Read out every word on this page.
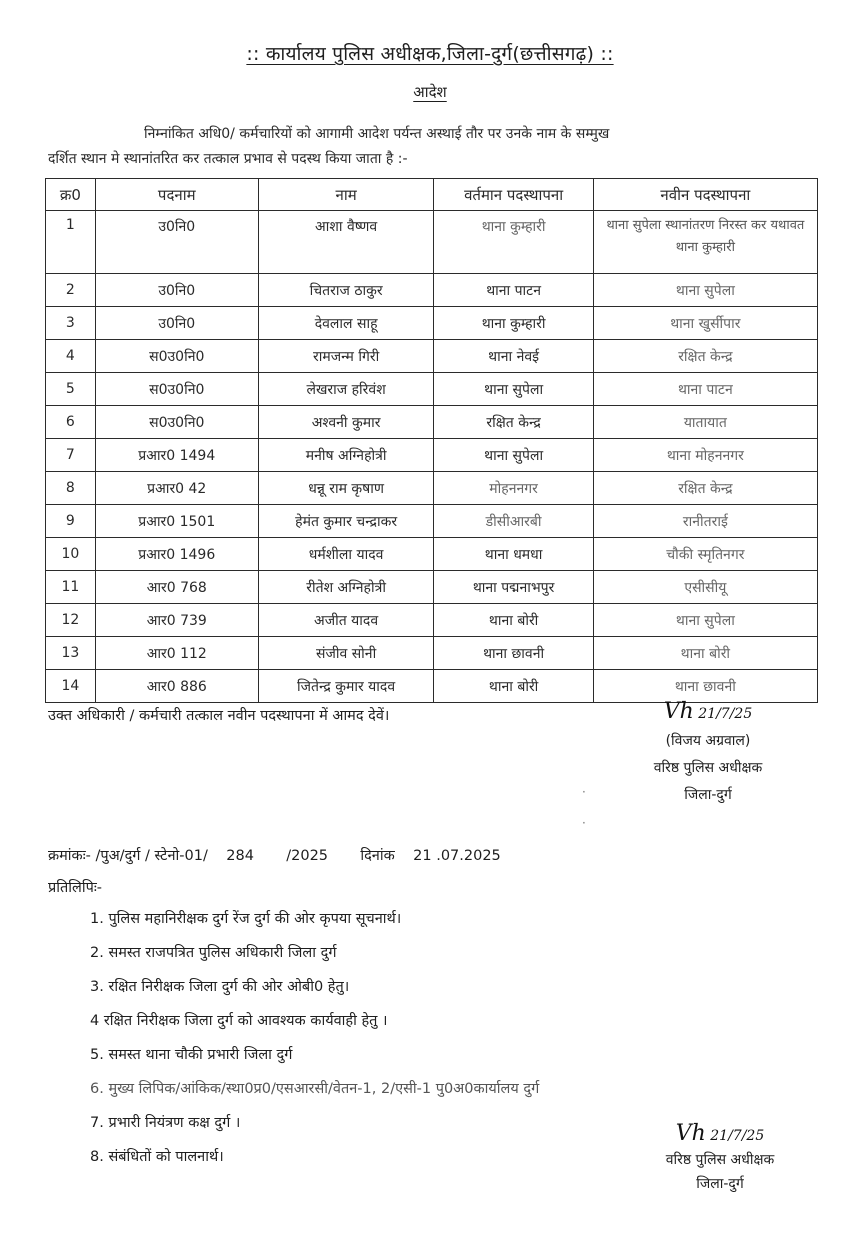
:: कार्यालय पुलिस अधीक्षक,जिला-दुर्ग(छत्तीसगढ़) ::
आदेश
निम्नांकित अधि0/ कर्मचारियों को आगामी आदेश पर्यन्त अस्थाई तौर पर उनके नाम के सम्मुख
दर्शित स्थान मे स्थानांतरित कर तत्काल प्रभाव से पदस्थ किया जाता है :-
क्र0	पदनाम	नाम	वर्तमान पदस्थापना	नवीन पदस्थापना
1	उ0नि0	आशा वैष्णव	थाना कुम्हारी	थाना सुपेला स्थानांतरण निरस्त कर यथावत थाना कुम्हारी
2	उ0नि0	चितराज ठाकुर	थाना पाटन	थाना सुपेला
3	उ0नि0	देवलाल साहू	थाना कुम्हारी	थाना खुर्सीपार
4	स0उ0नि0	रामजन्म गिरी	थाना नेवई	रक्षित केन्द्र
5	स0उ0नि0	लेखराज हरिवंश	थाना सुपेला	थाना पाटन
6	स0उ0नि0	अश्वनी कुमार	रक्षित केन्द्र	यातायात
7	प्रआर0 1494	मनीष अग्निहोत्री	थाना सुपेला	थाना मोहननगर
8	प्रआर0 42	धन्नू राम कृषाण	मोहननगर	रक्षित केन्द्र
9	प्रआर0 1501	हेमंत कुमार चन्द्राकर	डीसीआरबी	रानीतराई
10	प्रआर0 1496	धर्मशीला यादव	थाना धमधा	चौकी स्मृतिनगर
11	आर0 768	रीतेश अग्निहोत्री	थाना पद्मनाभपुर	एसीसीयू
12	आर0 739	अजीत यादव	थाना बोरी	थाना सुपेला
13	आर0 112	संजीव सोनी	थाना छावनी	थाना बोरी
14	आर0 886	जितेन्द्र कुमार यादव	थाना बोरी	थाना छावनी
उक्त अधिकारी / कर्मचारी तत्काल नवीन पदस्थापना में आमद देवें।	Vh 21/7/25
(विजय अग्रवाल)
वरिष्ठ पुलिस अधीक्षक
जिला-दुर्ग
·
·
क्रमांकः- /पुअ/दुर्ग / स्टेनो-01/ 284 /2025 दिनांक 21 .07.2025
प्रतिलिपिः-
1. पुलिस महानिरीक्षक दुर्ग रेंज दुर्ग की ओर कृपया सूचनार्थ।
2. समस्त राजपत्रित पुलिस अधिकारी जिला दुर्ग
3. रक्षित निरीक्षक जिला दुर्ग की ओर ओबी0 हेतु।
4 रक्षित निरीक्षक जिला दुर्ग को आवश्यक कार्यवाही हेतु ।
5. समस्त थाना चौकी प्रभारी जिला दुर्ग
6. मुख्य लिपिक/आंकिक/स्था0प्र0/एसआरसी/वेतन-1, 2/एसी-1 पु0अ0कार्यालय दुर्ग
7. प्रभारी नियंत्रण कक्ष दुर्ग ।
8. संबंधितों को पालनार्थ।
Vh 21/7/25
वरिष्ठ पुलिस अधीक्षक
जिला-दुर्ग
